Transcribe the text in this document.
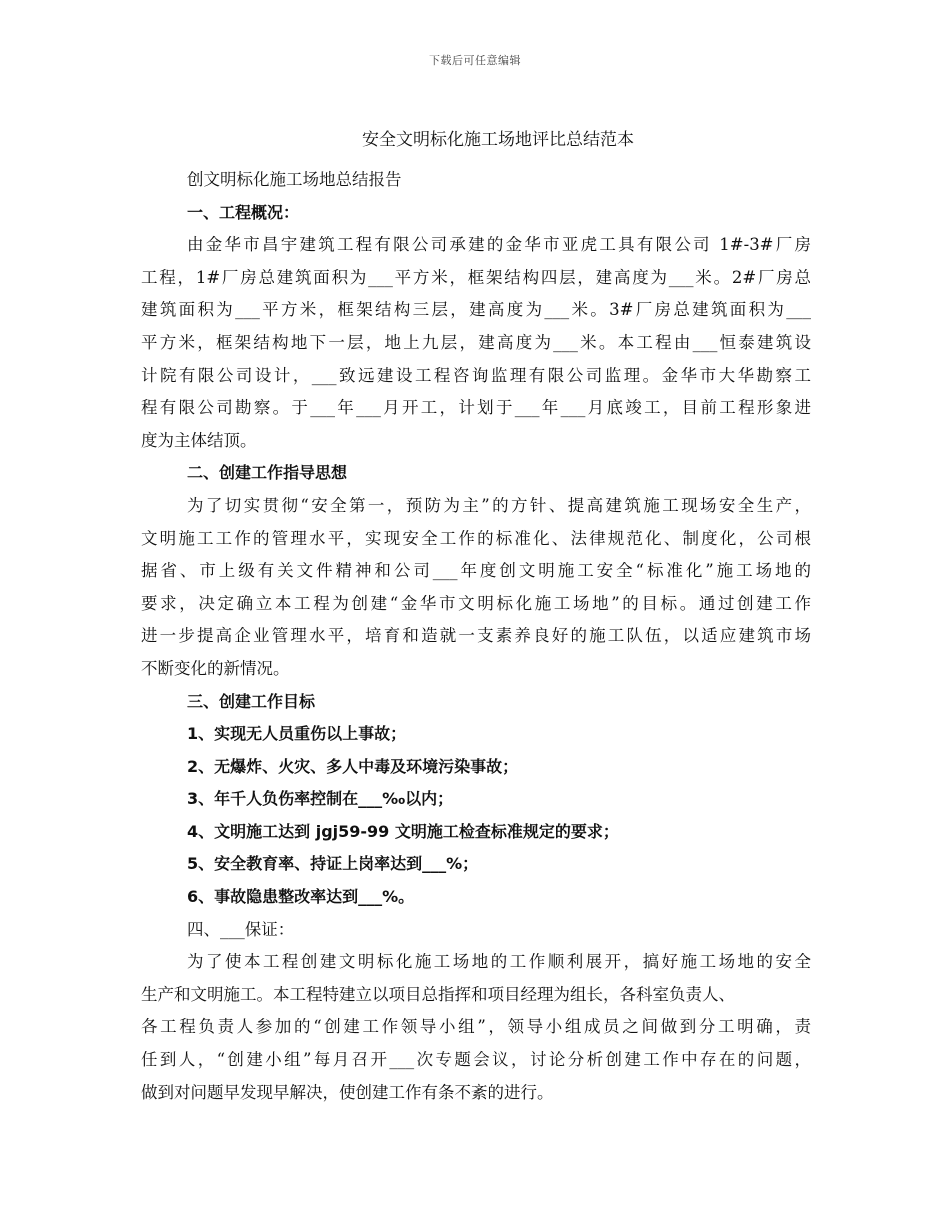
下载后可任意编辑
安全文明标化施工场地评比总结范本
创文明标化施工场地总结报告
一、工程概况：
由金华市昌宇建筑工程有限公司承建的金华市亚虎工具有限公司 1#-3#厂房
工程，1#厂房总建筑面积为___平方米，框架结构四层，建高度为___米。2#厂房总
建筑面积为___平方米，框架结构三层，建高度为___米。3#厂房总建筑面积为___
平方米，框架结构地下一层，地上九层，建高度为___米。本工程由___恒泰建筑设
计院有限公司设计，___致远建设工程咨询监理有限公司监理。金华市大华勘察工
程有限公司勘察。于___年___月开工，计划于___年___月底竣工，目前工程形象进
度为主体结顶。
二、创建工作指导思想
为了切实贯彻“安全第一，预防为主”的方针、提高建筑施工现场安全生产，
文明施工工作的管理水平，实现安全工作的标准化、法律规范化、制度化，公司根
据省、市上级有关文件精神和公司___年度创文明施工安全“标准化”施工场地的
要求，决定确立本工程为创建“金华市文明标化施工场地”的目标。通过创建工作
进一步提高企业管理水平，培育和造就一支素养良好的施工队伍，以适应建筑市场
不断变化的新情况。
三、创建工作目标
1、实现无人员重伤以上事故；
2、无爆炸、火灾、多人中毒及环境污染事故；
3、年千人负伤率控制在___‰以内；
4、文明施工达到 jgj59-99 文明施工检查标准规定的要求；
5、安全教育率、持证上岗率达到___%；
6、事故隐患整改率达到___%。
四、___保证：
为了使本工程创建文明标化施工场地的工作顺利展开，搞好施工场地的安全
生产和文明施工。本工程特建立以项目总指挥和项目经理为组长，各科室负责人、
各工程负责人参加的“创建工作领导小组”，领导小组成员之间做到分工明确，责
任到人，“创建小组”每月召开___次专题会议，讨论分析创建工作中存在的问题，
做到对问题早发现早解决，使创建工作有条不紊的进行。
